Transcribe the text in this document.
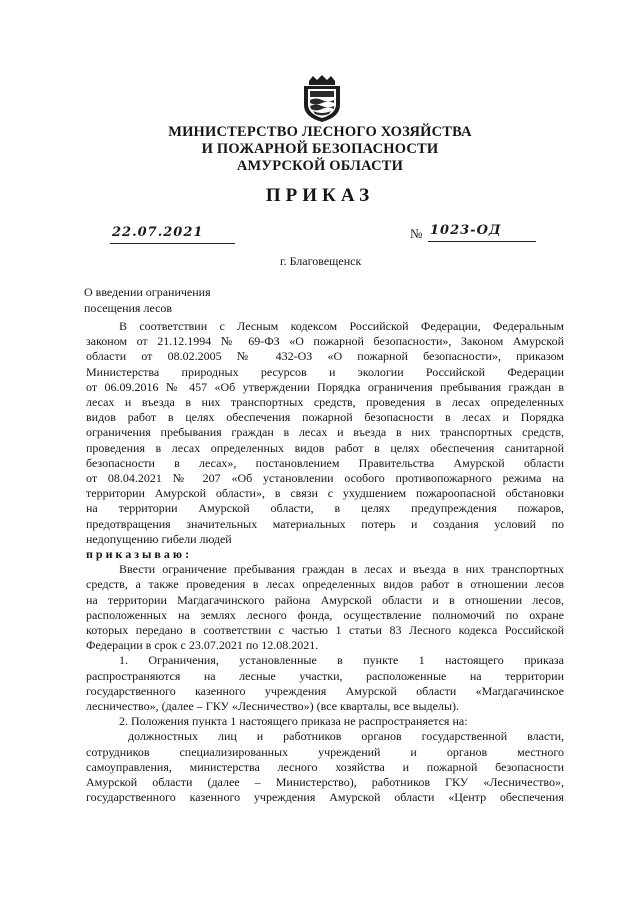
МИНИСТЕРСТВО ЛЕСНОГО ХОЗЯЙСТВА
И ПОЖАРНОЙ БЕЗОПАСНОСТИ
АМУРСКОЙ ОБЛАСТИ
ПРИКАЗ
22.07.2021	№ 1023-ОД
г. Благовещенск
О введении ограничения
посещения лесов
В соответствии с Лесным кодексом Российской Федерации, Федеральным
законом от 21.12.1994 № 69-ФЗ «О пожарной безопасности», Законом Амурской
области от 08.02.2005 № 432-ОЗ «О пожарной безопасности», приказом
Министерства природных ресурсов и экологии Российской Федерации
от 06.09.2016 № 457 «Об утверждении Порядка ограничения пребывания граждан в
лесах и въезда в них транспортных средств, проведения в лесах определенных
видов работ в целях обеспечения пожарной безопасности в лесах и Порядка
ограничения пребывания граждан в лесах и въезда в них транспортных средств,
проведения в лесах определенных видов работ в целях обеспечения санитарной
безопасности в лесах», постановлением Правительства Амурской области
от 08.04.2021 № 207 «Об установлении особого противопожарного режима на
территории Амурской области», в связи с ухудшением пожароопасной обстановки
на территории Амурской области, в целях предупреждения пожаров,
предотвращения значительных материальных потерь и создания условий по
недопущению гибели людей
приказываю:
Ввести ограничение пребывания граждан в лесах и въезда в них транспортных
средств, а также проведения в лесах определенных видов работ в отношении лесов
на территории Магдагачинского района Амурской области и в отношении лесов,
расположенных на землях лесного фонда, осуществление полномочий по охране
которых передано в соответствии с частью 1 статьи 83 Лесного кодекса Российской
Федерации в срок с 23.07.2021 по 12.08.2021.
1. Ограничения, установленные в пункте 1 настоящего приказа
распространяются на лесные участки, расположенные на территории
государственного казенного учреждения Амурской области «Магдагачинское
лесничество», (далее – ГКУ «Лесничество») (все кварталы, все выделы).
2. Положения пункта 1 настоящего приказа не распространяется на:
должностных лиц и работников органов государственной власти,
сотрудников специализированных учреждений и органов местного
самоуправления, министерства лесного хозяйства и пожарной безопасности
Амурской области (далее – Министерство), работников ГКУ «Лесничество»,
государственного казенного учреждения Амурской области «Центр обеспечения
